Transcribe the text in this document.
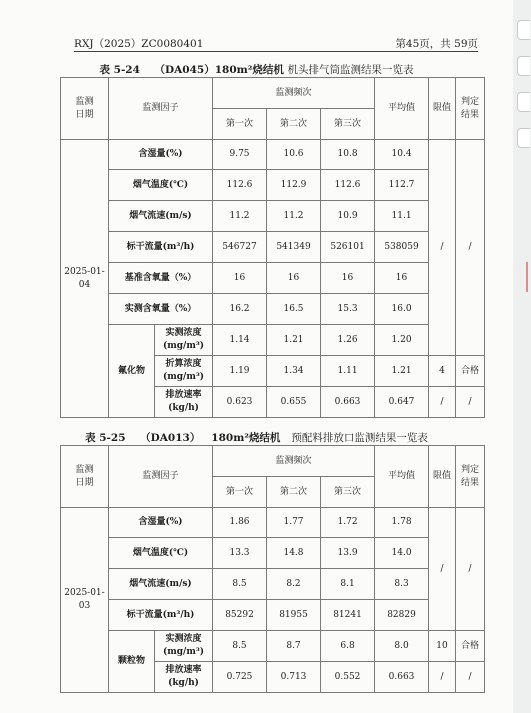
RXJ（2025）ZC0080401	第45页，共 59页
表 5-24 （DA045）180m²烧结机 机头排气筒监测结果一览表
监测
日期	监测因子		监测频次			平均值	限值	判定
结果
			第一次	第二次	第三次			
2025-01-04	含湿量(%)		9.75	10.6	10.8	10.4	/	/
	烟气温度(℃)		112.6	112.9	112.6	112.7		
	烟气流速(m/s)		11.2	11.2	10.9	11.1		
	标干流量(m³/h)		546727	541349	526101	538059		
	基准含氧量（%）		16	16	16	16		
	实测含氧量（%）		16.2	16.5	15.3	16.0		
	氟化物	实测浓度
(mg/m³)	1.14	1.21	1.26	1.20		
		折算浓度
(mg/m³)	1.19	1.34	1.11	1.21	4	合格
		排放速率
(kg/h)	0.623	0.655	0.663	0.647	/	/
表 5-25 （DA013） 180m²烧结机 预配料排放口监测结果一览表
监测
日期	监测因子		监测频次			平均值	限值	判定
结果
			第一次	第二次	第三次			
2025-01-03	含湿量(%)		1.86	1.77	1.72	1.78	/	/
	烟气温度(℃)		13.3	14.8	13.9	14.0		
	烟气流速(m/s)		8.5	8.2	8.1	8.3		
	标干流量(m³/h)		85292	81955	81241	82829		
	颗粒物	实测浓度
(mg/m³)	8.5	8.7	6.8	8.0	10	合格
		排放速率
(kg/h)	0.725	0.713	0.552	0.663	/	/
